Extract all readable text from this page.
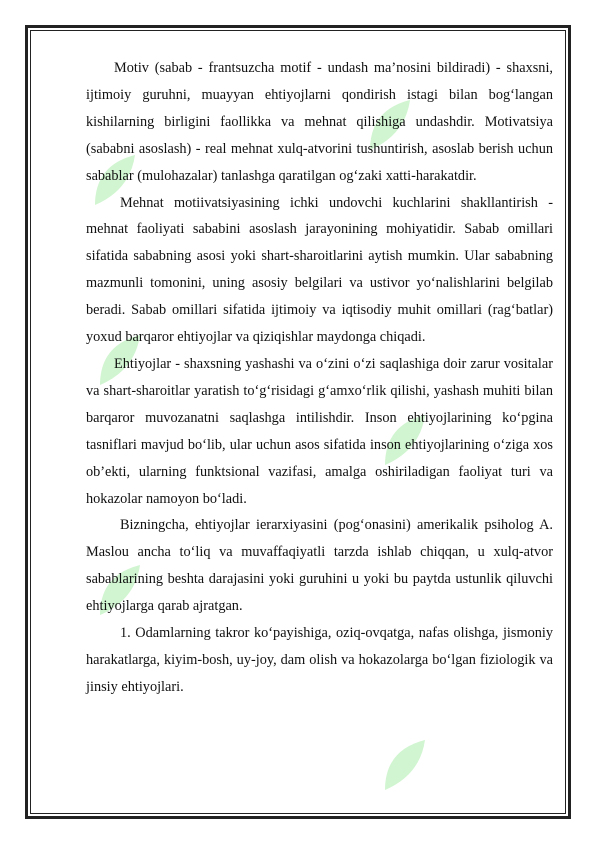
Motiv (sabab - frantsuzcha motif - undash ma’nosini bildiradi) - shaxsni, ijtimoiy guruhni, muayyan ehtiyojlarni qondirish istagi bilan bog‘langan kishilarning birligini faollikka va mehnat qilishiga undashdir. Motivatsiya (sababni asoslash) - real mehnat xulq-atvorini tushuntirish, asoslab berish uchun sabablar (mulohazalar) tanlashga qaratilgan og‘zaki xatti-harakatdir.

Mehnat motiivatsiyasining ichki undovchi kuchlarini shakllantirish - mehnat faoliyati sababini asoslash jarayonining mohiyatidir. Sabab omillari sifatida sababning asosi yoki shart-sharoitlarini aytish mumkin. Ular sababning mazmunli tomonini, uning asosiy belgilari va ustivor yo‘nalishlarini belgilab beradi. Sabab omillari sifatida ijtimoiy va iqtisodiy muhit omillari (rag‘batlar) yoxud barqaror ehtiyojlar va qiziqishlar maydonga chiqadi.

Ehtiyojlar - shaxsning yashashi va o‘zini o‘zi saqlashiga doir zarur vositalar va shart-sharoitlar yaratish to‘g‘risidagi g‘amxo‘rlik qilishi, yashash muhiti bilan barqaror muvozanatni saqlashga intilishdir. Inson ehtiyojlarining ko‘pgina tasniflari mavjud bo‘lib, ular uchun asos sifatida inson ehtiyojlarining o‘ziga xos ob’ekti, ularning funktsional vazifasi, amalga oshiriladigan faoliyat turi va hokazolar namoyon bo‘ladi.

Bizningcha, ehtiyojlar ierarxiyasini (pog‘onasini) amerikalik psiholog A. Maslou ancha to‘liq va muvaffaqiyatli tarzda ishlab chiqqan, u xulq-atvor sabablarining beshta darajasini yoki guruhini u yoki bu paytda ustunlik qiluvchi ehtiyojlarga qarab ajratgan.

1. Odamlarning takror ko‘payishiga, oziq-ovqatga, nafas olishga, jismoniy harakatlarga, kiyim-bosh, uy-joy, dam olish va hokazolarga bo‘lgan fiziologik va jinsiy ehtiyojlari.
